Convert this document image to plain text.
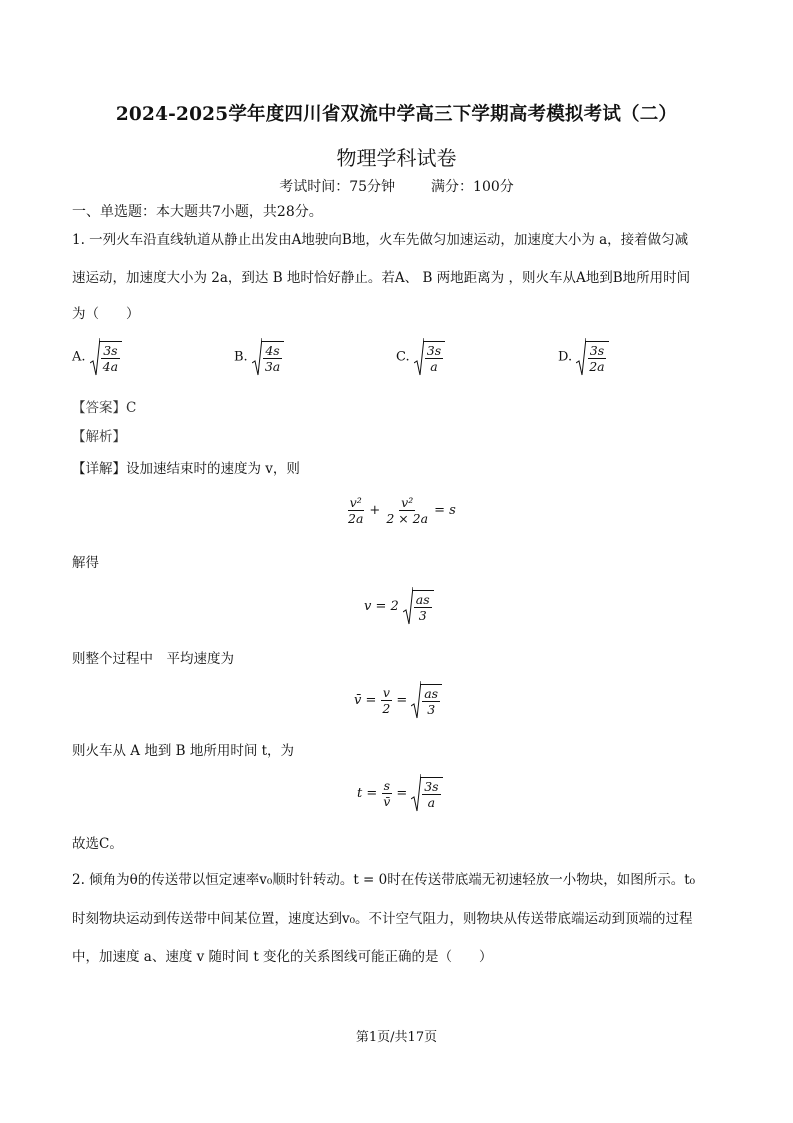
2024-2025学年度四川省双流中学高三下学期高考模拟考试（二）
物理学科试卷
考试时间：75分钟	满分：100分
一、单选题：本大题共7小题，共28分。
1. 一列火车沿直线轨道从静止出发由A地驶向B地，火车先做匀加速运动，加速度大小为 a，接着做匀减
速运动，加速度大小为 2a，到达 B 地时恰好静止。若A、 B 两地距离为 ，则火车从A地到B地所用时间
为（　　）
A. $\frac{3s}{4a}$	B. $\frac{4s}{3a}$	C. $\frac{3s}{a}$	D. $\frac{3s}{2a}$
【答案】C
【解析】
【详解】设加速结束时的速度为 v，则
$\frac{\text{v²}}{2a} + \frac{\text{v²}}{2 \times 2a} = s$
解得
$v = 2 \frac{as}{3}$
则整个过程中　平均速度为
v̄ = $\frac{v}{2} = \frac{as}{3}$
则火车从 A 地到 B 地所用时间 t，为
$t = \frac{s}{v̄} = \frac{3s}{a}$
故选C。
2. 倾角为θ的传送带以恒定速率v₀顺时针转动。t = 0时在传送带底端无初速轻放一小物块，如图所示。t₀
时刻物块运动到传送带中间某位置，速度达到v₀。不计空气阻力，则物块从传送带底端运动到顶端的过程
中，加速度 a、速度 v 随时间 t 变化的关系图线可能正确的是（　　）
第1页/共17页
